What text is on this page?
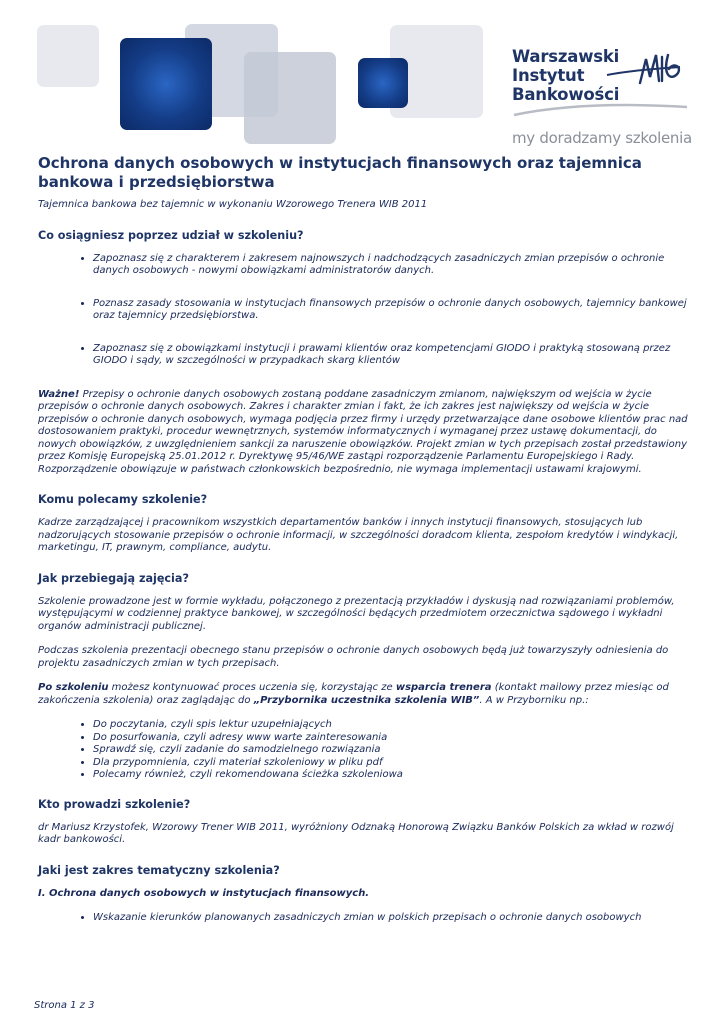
Warszawski
Instytut
Bankowości
my doradzamy szkolenia
Ochrona danych osobowych w instytucjach finansowych oraz tajemnica bankowa i przedsiębiorstwa

Tajemnica bankowa bez tajemnic w wykonaniu Wzorowego Trenera WIB 2011

Co osiągniesz poprzez udział w szkoleniu?
• Zapoznasz się z charakterem i zakresem najnowszych i nadchodzących zasadniczych zmian przepisów o ochronie danych osobowych - nowymi obowiązkami administratorów danych.
• Poznasz zasady stosowania w instytucjach finansowych przepisów o ochronie danych osobowych, tajemnicy bankowej oraz tajemnicy przedsiębiorstwa.
• Zapoznasz się z obowiązkami instytucji i prawami klientów oraz kompetencjami GIODO i praktyką stosowaną przez GIODO i sądy, w szczególności w przypadkach skarg klientów

Ważne! Przepisy o ochronie danych osobowych zostaną poddane zasadniczym zmianom, największym od wejścia w życie przepisów o ochronie danych osobowych. Zakres i charakter zmian i fakt, że ich zakres jest największy od wejścia w życie przepisów o ochronie danych osobowych, wymaga podjęcia przez firmy i urzędy przetwarzające dane osobowe klientów prac nad dostosowaniem praktyki, procedur wewnętrznych, systemów informatycznych i wymaganej przez ustawę dokumentacji, do nowych obowiązków, z uwzględnieniem sankcji za naruszenie obowiązków. Projekt zmian w tych przepisach został przedstawiony przez Komisję Europejską 25.01.2012 r. Dyrektywę 95/46/WE zastąpi rozporządzenie Parlamentu Europejskiego i Rady. Rozporządzenie obowiązuje w państwach członkowskich bezpośrednio, nie wymaga implementacji ustawami krajowymi.

Komu polecamy szkolenie?

Kadrze zarządzającej i pracownikom wszystkich departamentów banków i innych instytucji finansowych, stosujących lub nadzorujących stosowanie przepisów o ochronie informacji, w szczególności doradcom klienta, zespołom kredytów i windykacji, marketingu, IT, prawnym, compliance, audytu.

Jak przebiegają zajęcia?

Szkolenie prowadzone jest w formie wykładu, połączonego z prezentacją przykładów i dyskusją nad rozwiązaniami problemów, występującymi w codziennej praktyce bankowej, w szczególności będących przedmiotem orzecznictwa sądowego i wykładni organów administracji publicznej.

Podczas szkolenia prezentacji obecnego stanu przepisów o ochronie danych osobowych będą już towarzyszyły odniesienia do projektu zasadniczych zmian w tych przepisach.

Po szkoleniu możesz kontynuować proces uczenia się, korzystając ze wsparcia trenera (kontakt mailowy przez miesiąc od zakończenia szkolenia) oraz zaglądając do „Przybornika uczestnika szkolenia WIB”. A w Przyborniku np.:

• Do poczytania, czyli spis lektur uzupełniających
• Do posurfowania, czyli adresy www warte zainteresowania
• Sprawdź się, czyli zadanie do samodzielnego rozwiązania
• Dla przypomnienia, czyli materiał szkoleniowy w pliku pdf
• Polecamy również, czyli rekomendowana ścieżka szkoleniowa
Kto prowadzi szkolenie?

dr Mariusz Krzystofek, Wzorowy Trener WIB 2011, wyróżniony Odznaką Honorową Związku Banków Polskich za wkład w rozwój kadr bankowości.

Jaki jest zakres tematyczny szkolenia?

I. Ochrona danych osobowych w instytucjach finansowych.

• Wskazanie kierunków planowanych zasadniczych zmian w polskich przepisach o ochronie danych osobowych
Strona 1 z 3
